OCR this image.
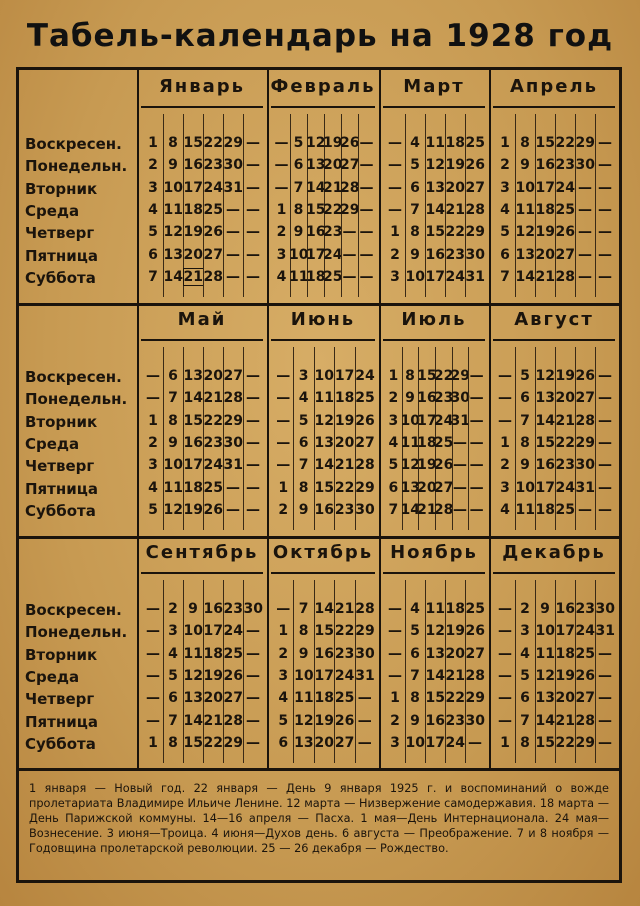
Табель-календарь на 1928 год
1 января — Новый год. 22 января — День 9 января 1925 г. и воспоминаний о вожде пролетариата Владимире Ильиче Ленине. 12 марта — Низвержение самодержавия. 18 марта — День Парижской коммуны. 14—16 апреля — Пасха. 1 мая—День Интернационала. 24 мая—Вознесение. 3 июня—Троица. 4 июня—Духов день. 6 августа — Преображение. 7 и 8 ноября — Годовщина пролетарской революции. 25 — 26 декабря — Рождество.
Воскресен.
Понедельн.
Вторник
Среда
Четверг
Пятница
Суббота
Январь
1
2
3
4
5
6
7
8
9
10
11
12
13
14
15
16
17
18
19
20
21
22
23
24
25
26
27
28
29
30
31
—
—
—
—
—
—
—
—
—
—
—
Февраль
—
—
—
1
2
3
4
5
6
7
8
9
10
11
12
13
14
15
16
17
18
19
20
21
22
23
24
25
26
27
28
29
—
—
—
—
—
—
—
—
—
—
Март
—
—
—
—
1
2
3
4
5
6
7
8
9
10
11
12
13
14
15
16
17
18
19
20
21
22
23
24
25
26
27
28
29
30
31
Апрель
1
2
3
4
5
6
7
8
9
10
11
12
13
14
15
16
17
18
19
20
21
22
23
24
25
26
27
28
29
30
—
—
—
—
—
—
—
—
—
—
—
—
Воскресен.
Понедельн.
Вторник
Среда
Четверг
Пятница
Суббота
Май
—
—
1
2
3
4
5
6
7
8
9
10
11
12
13
14
15
16
17
18
19
20
21
22
23
24
25
26
27
28
29
30
31
—
—
—
—
—
—
—
—
—
Июнь
—
—
—
—
—
1
2
3
4
5
6
7
8
9
10
11
12
13
14
15
16
17
18
19
20
21
22
23
24
25
26
27
28
29
30
Июль
1
2
3
4
5
6
7
8
9
10
11
12
13
14
15
16
17
18
19
20
21
22
23
24
25
26
27
28
29
30
31
—
—
—
—
—
—
—
—
—
—
—
Август
—
—
—
1
2
3
4
5
6
7
8
9
10
11
12
13
14
15
16
17
18
19
20
21
22
23
24
25
26
27
28
29
30
31
—
—
—
—
—
—
—
—
Воскресен.
Понедельн.
Вторник
Среда
Четверг
Пятница
Суббота
Сентябрь
—
—
—
—
—
—
1
2
3
4
5
6
7
8
9
10
11
12
13
14
15
16
17
18
19
20
21
22
23
24
25
26
27
28
29
30
—
—
—
—
—
—
Октябрь
—
1
2
3
4
5
6
7
8
9
10
11
12
13
14
15
16
17
18
19
20
21
22
23
24
25
26
27
28
29
30
31
—
—
—
Ноябрь
—
—
—
—
1
2
3
4
5
6
7
8
9
10
11
12
13
14
15
16
17
18
19
20
21
22
23
24
25
26
27
28
29
30
—
Декабрь
—
—
—
—
—
—
1
2
3
4
5
6
7
8
9
10
11
12
13
14
15
16
17
18
19
20
21
22
23
24
25
26
27
28
29
30
31
—
—
—
—
—
